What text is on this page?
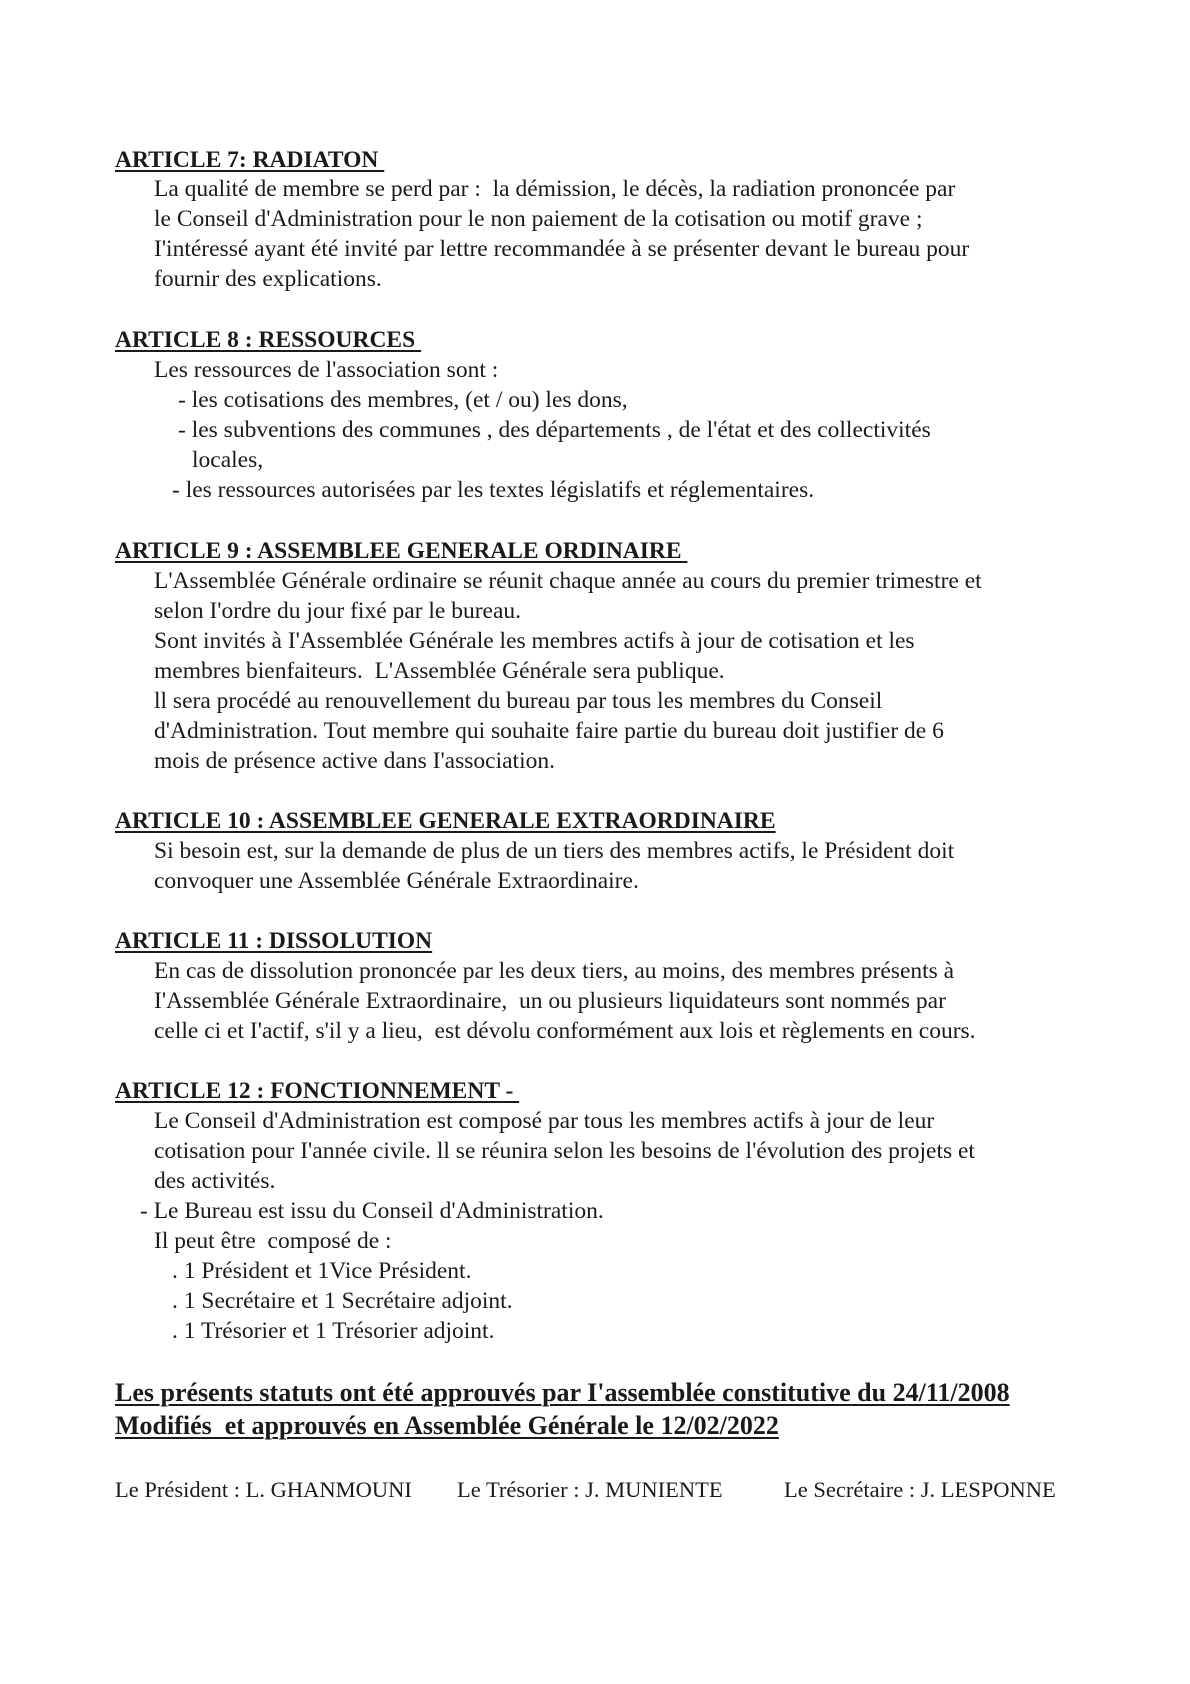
ARTICLE 7: RADIATON
La qualité de membre se perd par :  la démission, le décès, la radiation prononcée par
le Conseil d'Administration pour le non paiement de la cotisation ou motif grave ;
I'intéressé ayant été invité par lettre recommandée à se présenter devant le bureau pour
fournir des explications.
ARTICLE 8 : RESSOURCES
Les ressources de l'association sont :
- les cotisations des membres, (et / ou) les dons,
- les subventions des communes , des départements , de l'état et des collectivités
locales,
- les ressources autorisées par les textes législatifs et réglementaires.
ARTICLE 9 : ASSEMBLEE GENERALE ORDINAIRE
L'Assemblée Générale ordinaire se réunit chaque année au cours du premier trimestre et
selon I'ordre du jour fixé par le bureau.
Sont invités à I'Assemblée Générale les membres actifs à jour de cotisation et les
membres bienfaiteurs.  L'Assemblée Générale sera publique.
ll sera procédé au renouvellement du bureau par tous les membres du Conseil
d'Administration. Tout membre qui souhaite faire partie du bureau doit justifier de 6
mois de présence active dans I'association.
ARTICLE 10 : ASSEMBLEE GENERALE EXTRAORDINAIRE
Si besoin est, sur la demande de plus de un tiers des membres actifs, le Président doit
convoquer une Assemblée Générale Extraordinaire.
ARTICLE 11 : DISSOLUTION
En cas de dissolution prononcée par les deux tiers, au moins, des membres présents à
I'Assemblée Générale Extraordinaire,  un ou plusieurs liquidateurs sont nommés par
celle ci et I'actif, s'il y a lieu,  est dévolu conformément aux lois et règlements en cours.
ARTICLE 12 : FONCTIONNEMENT -
Le Conseil d'Administration est composé par tous les membres actifs à jour de leur
cotisation pour I'année civile. ll se réunira selon les besoins de l'évolution des projets et
des activités.
- Le Bureau est issu du Conseil d'Administration.
Il peut être  composé de :
. 1 Président et 1Vice Président.
. 1 Secrétaire et 1 Secrétaire adjoint.
. 1 Trésorier et 1 Trésorier adjoint.
Les présents statuts ont été approuvés par I'assemblée constitutive du 24/11/2008
Modifiés  et approuvés en Assemblée Générale le 12/02/2022
Le Président : L. GHANMOUNI Le Trésorier : J. MUNIENTE	Le Secrétaire : J. LESPONNE
